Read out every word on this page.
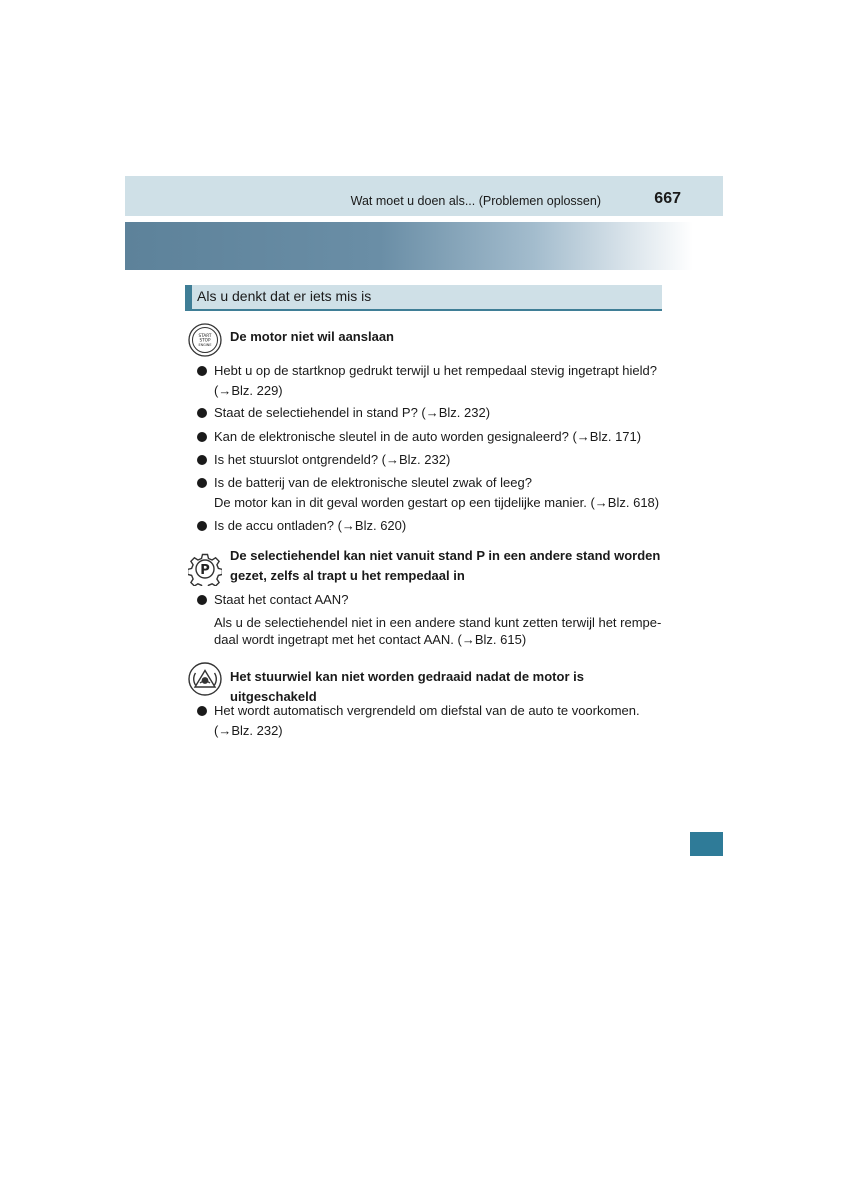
Wat moet u doen als... (Problemen oplossen)	667
Als u denkt dat er iets mis is
START
STOP
ENGINE
De motor niet wil aanslaan
Hebt u op de startknop gedrukt terwijl u het rempedaal stevig ingetrapt hield?
(→Blz. 229)
Staat de selectiehendel in stand P? (→Blz. 232)
Kan de elektronische sleutel in de auto worden gesignaleerd? (→Blz. 171)
Is het stuurslot ontgrendeld? (→Blz. 232)
Is de batterij van de elektronische sleutel zwak of leeg?
De motor kan in dit geval worden gestart op een tijdelijke manier. (→Blz. 618)
Is de accu ontladen? (→Blz. 620)
P
De selectiehendel kan niet vanuit stand P in een andere stand worden
gezet, zelfs al trapt u het rempedaal in
Staat het contact AAN?
Als u de selectiehendel niet in een andere stand kunt zetten terwijl het rempe-
daal wordt ingetrapt met het contact AAN. (→Blz. 615)
Het stuurwiel kan niet worden gedraaid nadat de motor is uitgeschakeld
Het wordt automatisch vergrendeld om diefstal van de auto te voorkomen.
(→Blz. 232)
